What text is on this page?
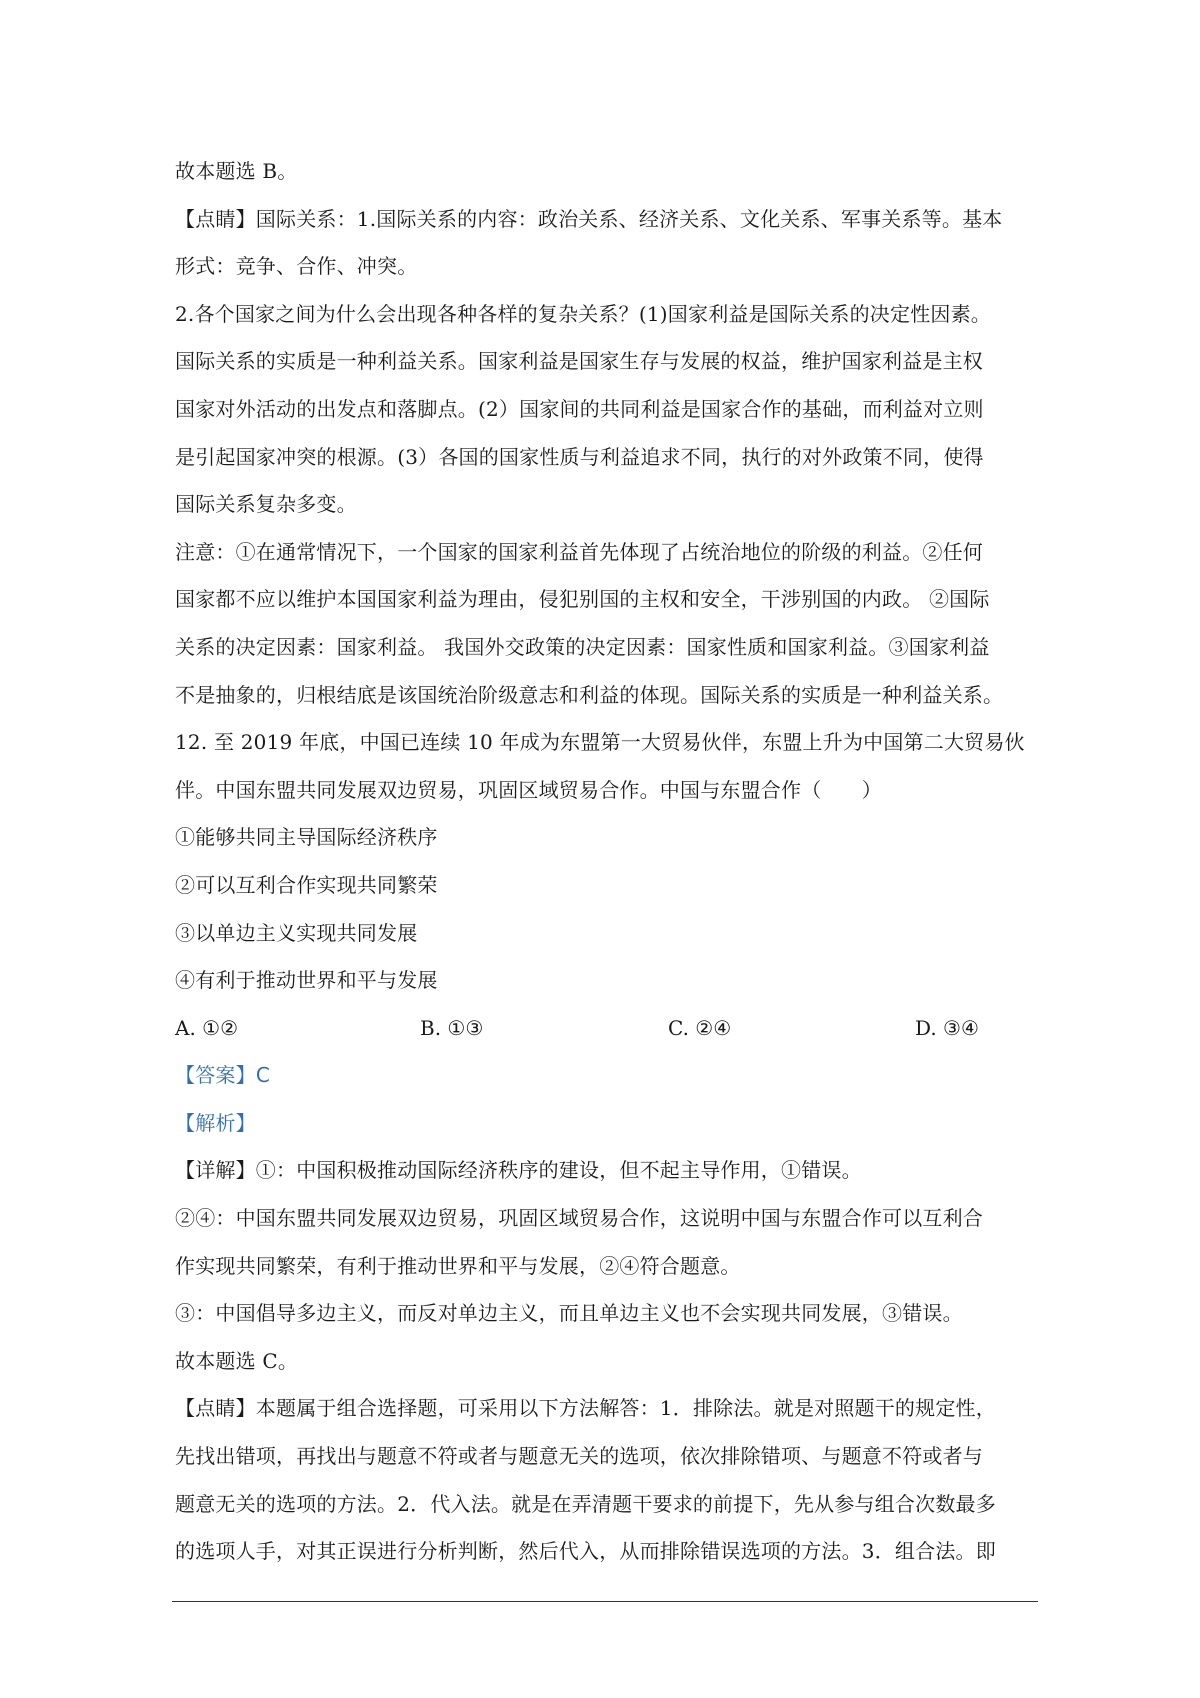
故本题选 B。
【点睛】国际关系：1.国际关系的内容：政治关系、经济关系、文化关系、军事关系等。基本
形式：竞争、合作、冲突。
2.各个国家之间为什么会出现各种各样的复杂关系？(1)国家利益是国际关系的决定性因素。
国际关系的实质是一种利益关系。国家利益是国家生存与发展的权益，维护国家利益是主权
国家对外活动的出发点和落脚点。(2）国家间的共同利益是国家合作的基础，而利益对立则
是引起国家冲突的根源。(3）各国的国家性质与利益追求不同，执行的对外政策不同，使得
国际关系复杂多变。
注意：①在通常情况下，一个国家的国家利益首先体现了占统治地位的阶级的利益。②任何
国家都不应以维护本国国家利益为理由，侵犯别国的主权和安全，干涉别国的内政。 ②国际
关系的决定因素：国家利益。 我国外交政策的决定因素：国家性质和国家利益。③国家利益
不是抽象的，归根结底是该国统治阶级意志和利益的体现。国际关系的实质是一种利益关系。
12. 至 2019 年底，中国已连续 10 年成为东盟第一大贸易伙伴，东盟上升为中国第二大贸易伙
伴。中国东盟共同发展双边贸易，巩固区域贸易合作。中国与东盟合作（　　）
①能够共同主导国际经济秩序
②可以互利合作实现共同繁荣
③以单边主义实现共同发展
④有利于推动世界和平与发展
A. ①②	B. ①③	C. ②④	D. ③④
【答案】C
【解析】
【详解】①：中国积极推动国际经济秩序的建设，但不起主导作用，①错误。
②④：中国东盟共同发展双边贸易，巩固区域贸易合作，这说明中国与东盟合作可以互利合
作实现共同繁荣，有利于推动世界和平与发展，②④符合题意。
③：中国倡导多边主义，而反对单边主义，而且单边主义也不会实现共同发展，③错误。
故本题选 C。
【点睛】本题属于组合选择题，可采用以下方法解答：1．排除法。就是对照题干的规定性，
先找出错项，再找出与题意不符或者与题意无关的选项，依次排除错项、与题意不符或者与
题意无关的选项的方法。2．代入法。就是在弄清题干要求的前提下，先从参与组合次数最多
的选项人手，对其正误进行分析判断，然后代入，从而排除错误选项的方法。3．组合法。即
